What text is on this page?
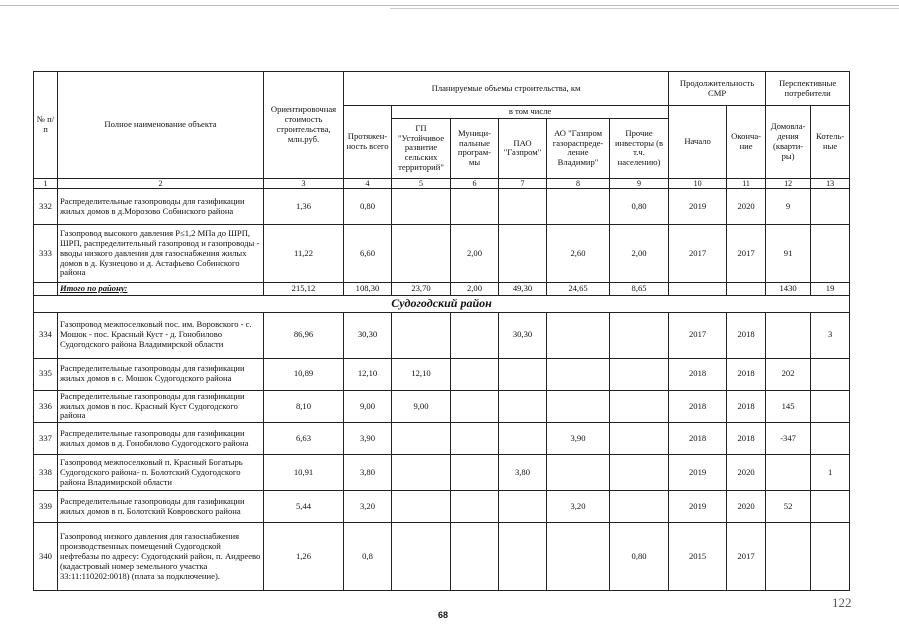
№ п/п	Полное наименование объекта	Ориентировочная стоимость строительства, млн.руб.	Планируемые объемы строительства, км						Продолжительность СМР		Перспективные потребители	
			Протяжен-ность всего	в том числе					Начало	Оконча-ние	Домовла-дения (кварти-ры)	Котель-ные
				ГП "Устойчивое развитие сельских территорий"	Муници-пальные програм-мы	ПАО "Газпром"	АО "Газпром газораспреде-ление Владимир"	Прочие инвесторы (в т.ч. населению)				
1	2	3	4	5	6	7	8	9	10	11	12	13
332	Распределительные газопроводы для газификации жилых домов в д.Морозово Собинского района	1,36	0,80					0,80	2019	2020	9	
333	Газопровод высокого давления Р≤1,2 МПа до ШРП, ШРП, распределительный газопровод и газопроводы - вводы низкого давления для газоснабжения жилых домов в д. Кузнецово и д. Астафьево Собинского района	11,22	6,60		2,00		2,60	2,00	2017	2017	91	
	Итого по району:	215,12	108,30	23,70	2,00	49,30	24,65	8,65			1430	19
Судогодский район												
334	Газопровод межпоселковый пос. им. Воровского - с. Мошок - пос. Красный Куст - д. Гонобилово Судогодского района Владимирской области	86,96	30,30			30,30			2017	2018		3
335	Распределительные газопроводы для газификации жилых домов в с. Мошок Судогодского района	10,89	12,10	12,10					2018	2018	202	
336	Распределительные газопроводы для газификации жилых домов в пос. Красный Куст Судогодского района	8,10	9,00	9,00					2018	2018	145	
337	Распределительные газопроводы для газификации жилых домов в д. Гонобилово Судогодского района	6,63	3,90				3,90		2018	2018	-347	
338	Газопровод межпоселковый п. Красный Богатырь Судогодского района- п. Болотский Судогодского района Владимирской области	10,91	3,80			3,80			2019	2020		1
339	Распределительные газопроводы для газификации жилых домов в п. Болотский Ковровского района	5,44	3,20				3,20		2019	2020	52	
340	Газопровод низкого давления для газоснабжения производственных помещений Судогодской нефтебазы по адресу: Судогодский район, п. Андреево (кадастровый номер земельного участка 33:11:110202:0018) (плата за подключение).	1,26	0,8					0,80	2015	2017		
68
122
